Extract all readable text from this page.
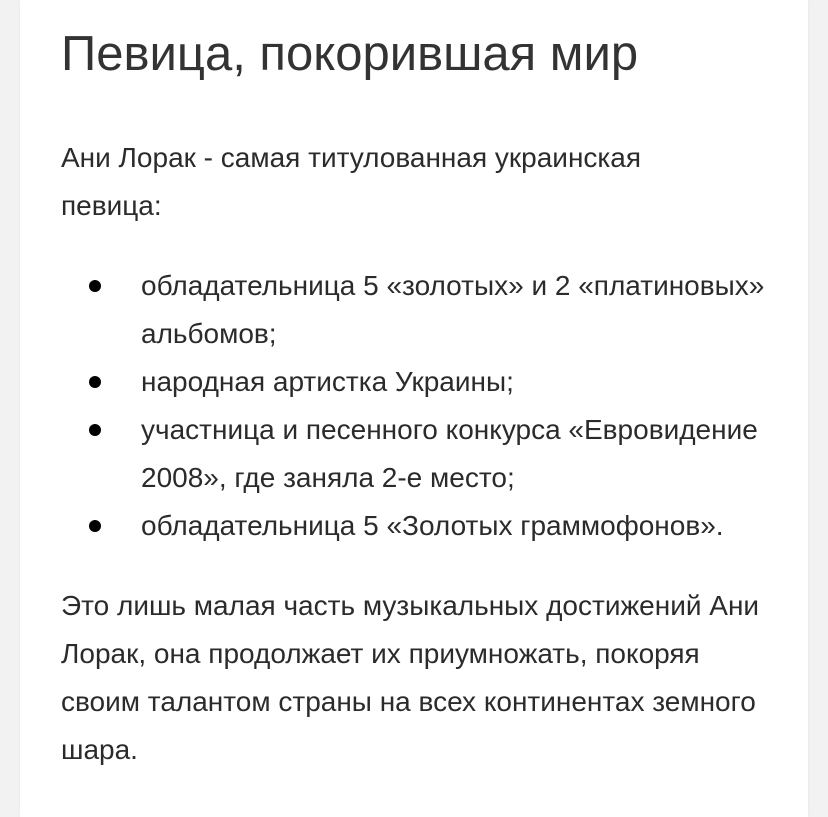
Певица, покорившая мир

Ани Лорак - самая титулованная украинская певица:

обладательница 5 «золотых» и 2 «платиновых» альбомов;
народная артистка Украины;
участница и песенного конкурса «Евровидение 2008», где заняла 2-е место;
обладательница 5 «Золотых граммофонов».

Это лишь малая часть музыкальных достижений Ани Лорак, она продолжает их приумножать, покоряя своим талантом страны на всех континентах земного шара.
